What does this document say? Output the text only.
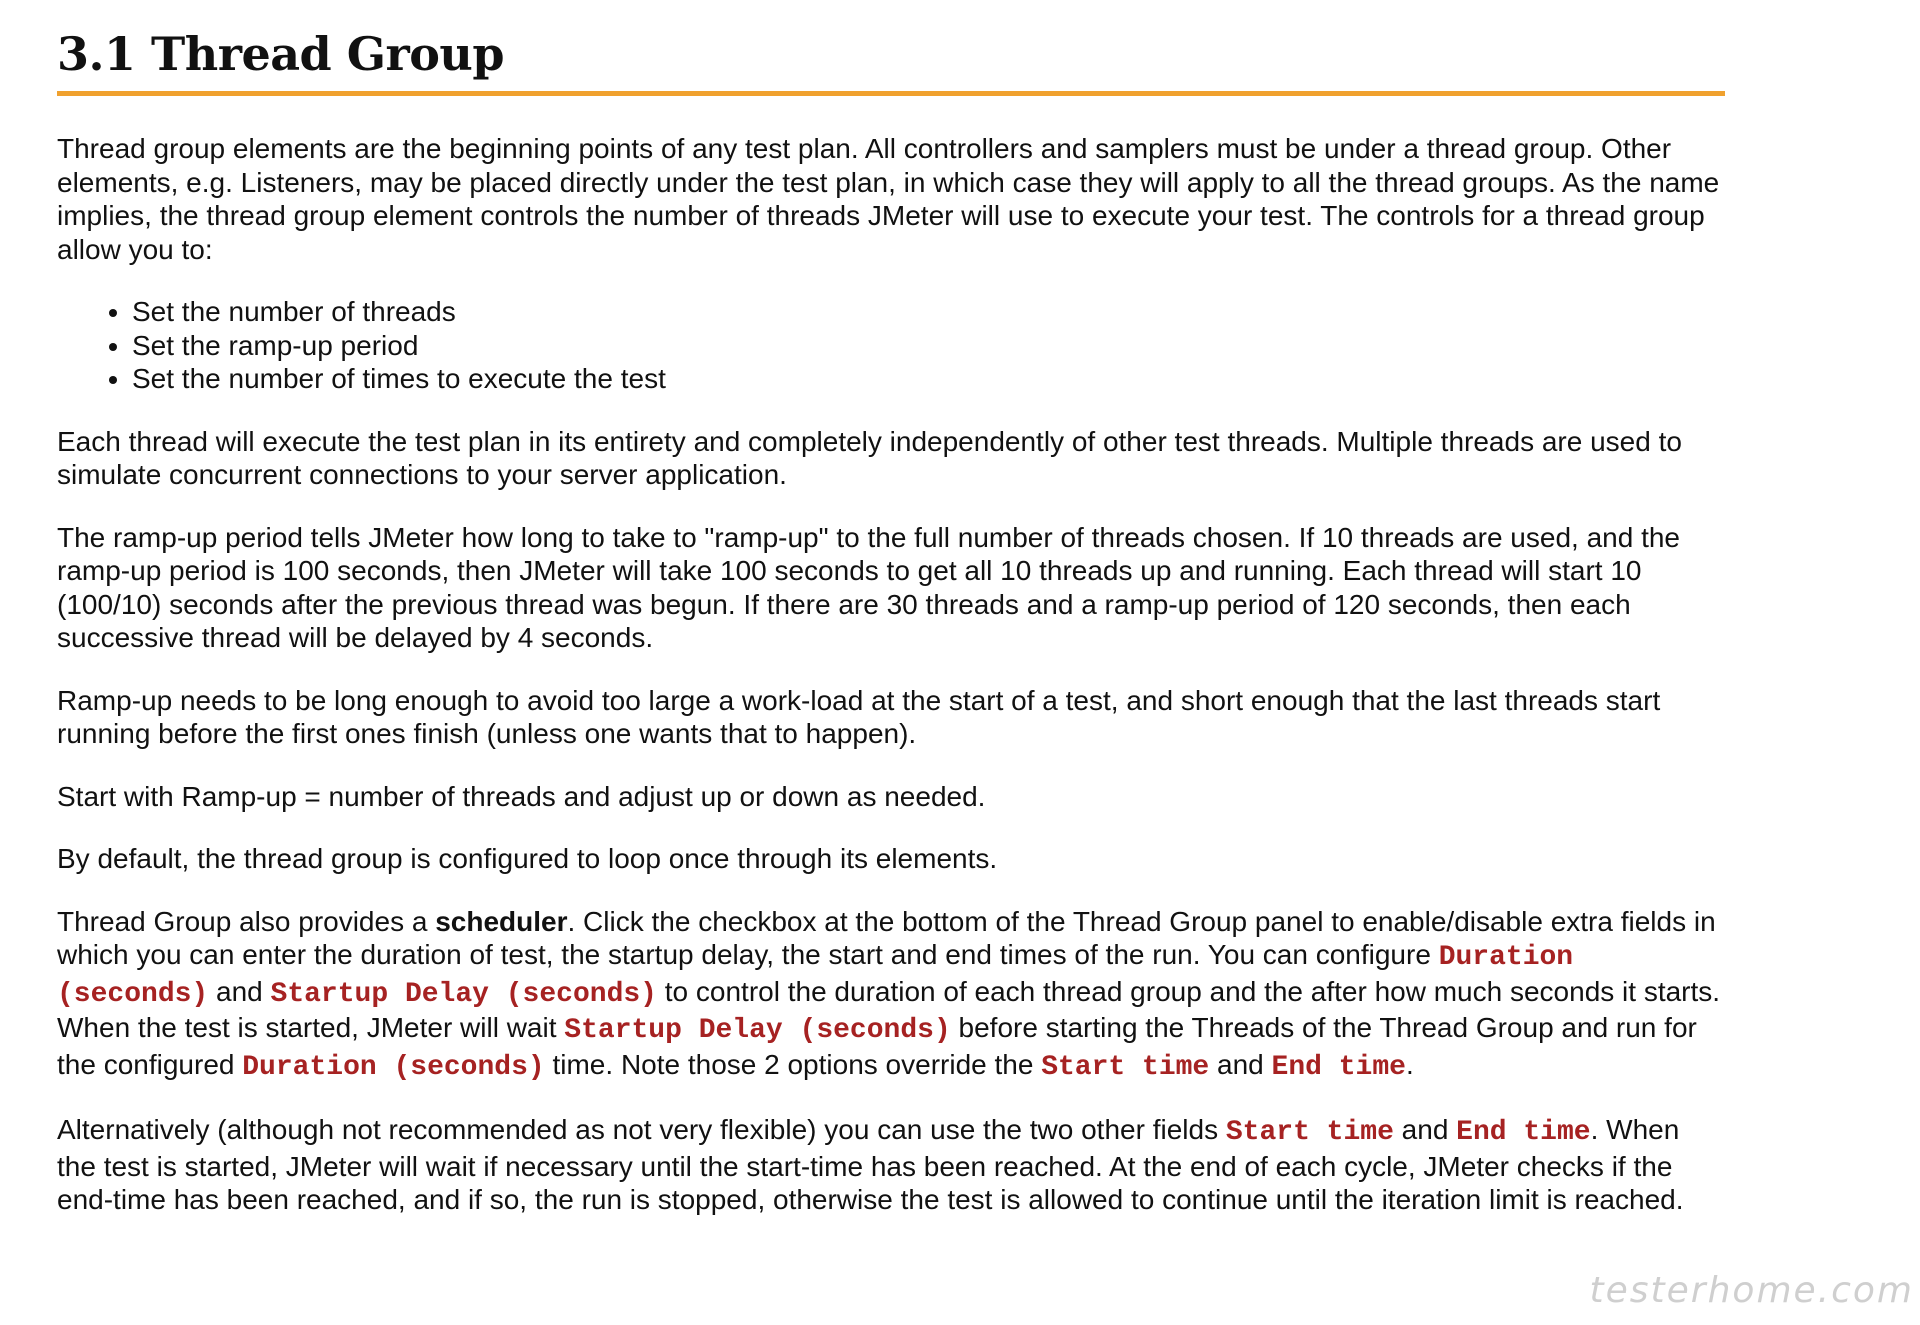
3.1 Thread Group

Thread group elements are the beginning points of any test plan. All controllers and samplers must be under a thread group. Other elements, e.g. Listeners, may be placed directly under the test plan, in which case they will apply to all the thread groups. As the name implies, the thread group element controls the number of threads JMeter will use to execute your test. The controls for a thread group allow you to:

• Set the number of threads
• Set the ramp-up period
• Set the number of times to execute the test

Each thread will execute the test plan in its entirety and completely independently of other test threads. Multiple threads are used to simulate concurrent connections to your server application.

The ramp-up period tells JMeter how long to take to "ramp-up" to the full number of threads chosen. If 10 threads are used, and the ramp-up period is 100 seconds, then JMeter will take 100 seconds to get all 10 threads up and running. Each thread will start 10 (100/10) seconds after the previous thread was begun. If there are 30 threads and a ramp-up period of 120 seconds, then each successive thread will be delayed by 4 seconds.

Ramp-up needs to be long enough to avoid too large a work-load at the start of a test, and short enough that the last threads start running before the first ones finish (unless one wants that to happen).

Start with Ramp-up = number of threads and adjust up or down as needed.

By default, the thread group is configured to loop once through its elements.

Thread Group also provides a scheduler. Click the checkbox at the bottom of the Thread Group panel to enable/disable extra fields in which you can enter the duration of test, the startup delay, the start and end times of the run. You can configure Duration (seconds) and Startup Delay (seconds) to control the duration of each thread group and the after how much seconds it starts. When the test is started, JMeter will wait Startup Delay (seconds) before starting the Threads of the Thread Group and run for the configured Duration (seconds) time. Note those 2 options override the Start time and End time.

Alternatively (although not recommended as not very flexible) you can use the two other fields Start time and End time. When the test is started, JMeter will wait if necessary until the start-time has been reached. At the end of each cycle, JMeter checks if the end-time has been reached, and if so, the run is stopped, otherwise the test is allowed to continue until the iteration limit is reached.

testerhome.com
